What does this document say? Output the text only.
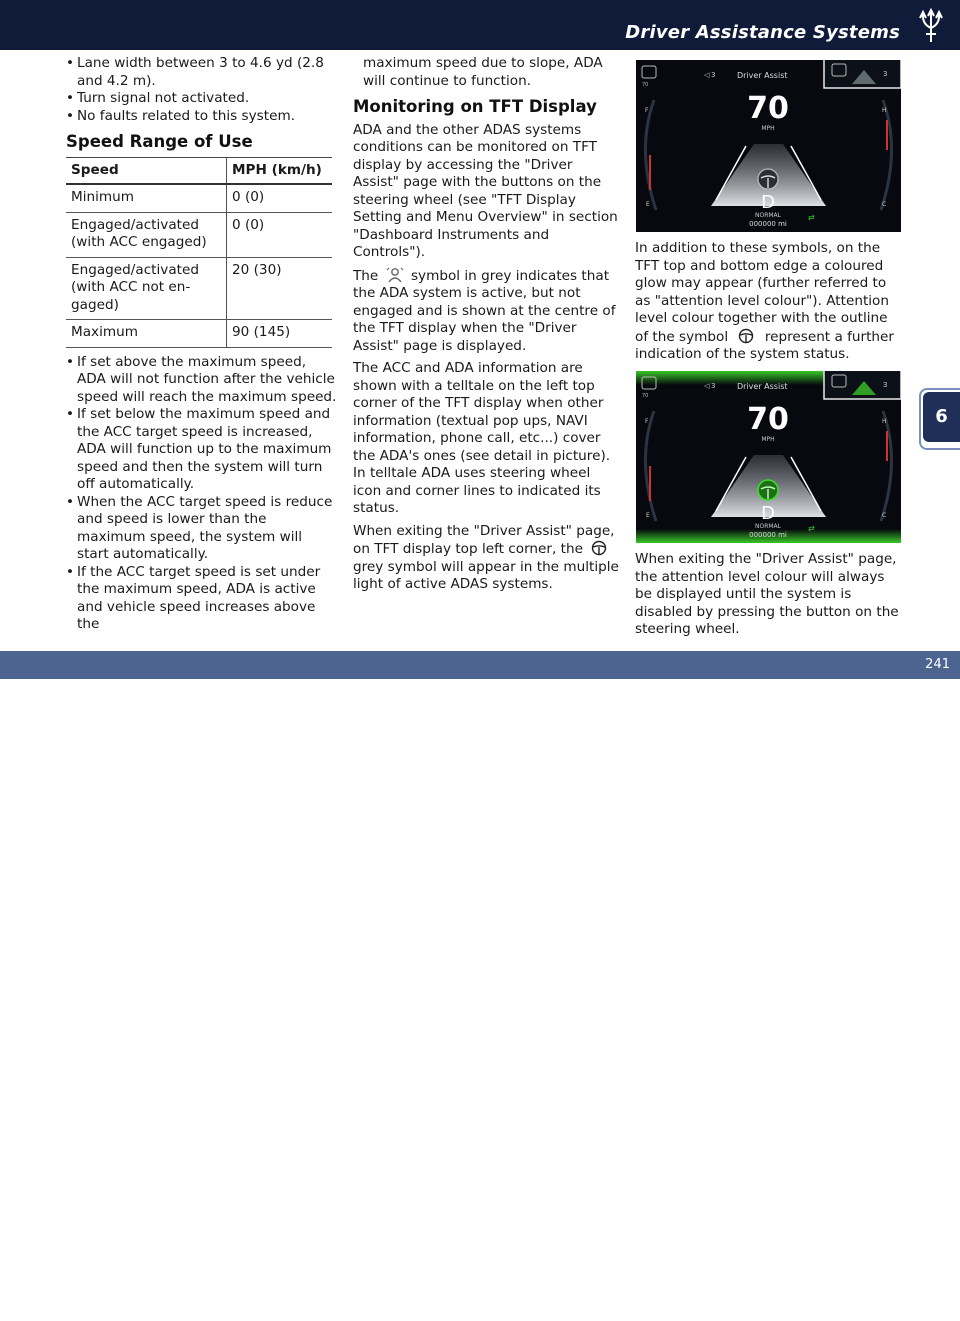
Driver Assistance Systems
• Lane width between 3 to 4.6 yd (2.8 and 4.2 m).
• Turn signal not activated.
• No faults related to this system.
Speed Range of Use
Speed	MPH (km/h)
Minimum	0 (0)
Engaged/activated (with ACC engaged)	0 (0)
Engaged/activated (with ACC not en- gaged)	20 (30)
Maximum	90 (145)
• If set above the maximum speed, ADA will not function after the vehicle speed will reach the maximum speed.
• If set below the maximum speed and the ACC target speed is increased, ADA will function up to the maximum speed and then the system will turn off automatically.
• When the ACC target speed is reduce and speed is lower than the maximum speed, the system will start automatically.
• If the ACC target speed is set under the maximum speed, ADA is active and vehicle speed increases above the

maximum speed due to slope, ADA will continue to function.

Monitoring on TFT Display

ADA and the other ADAS systems conditions can be monitored on TFT display by accessing the "Driver Assist" page with the buttons on the steering wheel (see "TFT Display Setting and Menu Overview" in section "Dashboard Instruments and Controls").

The symbol in grey indicates that the ADA system is active, but not engaged and is shown at the centre of the TFT display when the "Driver Assist" page is displayed.

The ACC and ADA information are shown with a telltale on the left top corner of the TFT display when other information (textual pop ups, NAVI information, phone call, etc...) cover the ADA's ones (see detail in picture). In telltale ADA uses steering wheel icon and corner lines to indicated its status.

When exiting the "Driver Assist" page, on TFT display top left corner, the  grey symbol will appear in the multiple light of active ADAS systems.

F
E
H
C
70
◁ 3	Driver Assist	3
70
MPH
D
NORMAL
000000 mi
⇄

In addition to these symbols, on the TFT top and bottom edge a coloured glow may appear (further referred to as "attention level colour"). Attention level colour together with the outline of the symbol	represent a further indication of the system status.

F
E
H
C
70
◁ 3	Driver Assist	3
70
MPH
D
NORMAL
000000 mi
⇄

When exiting the "Driver Assist" page, the attention level colour will always be displayed until the system is disabled by pressing the button on the steering wheel.

6
carmanualsonline.info
241
